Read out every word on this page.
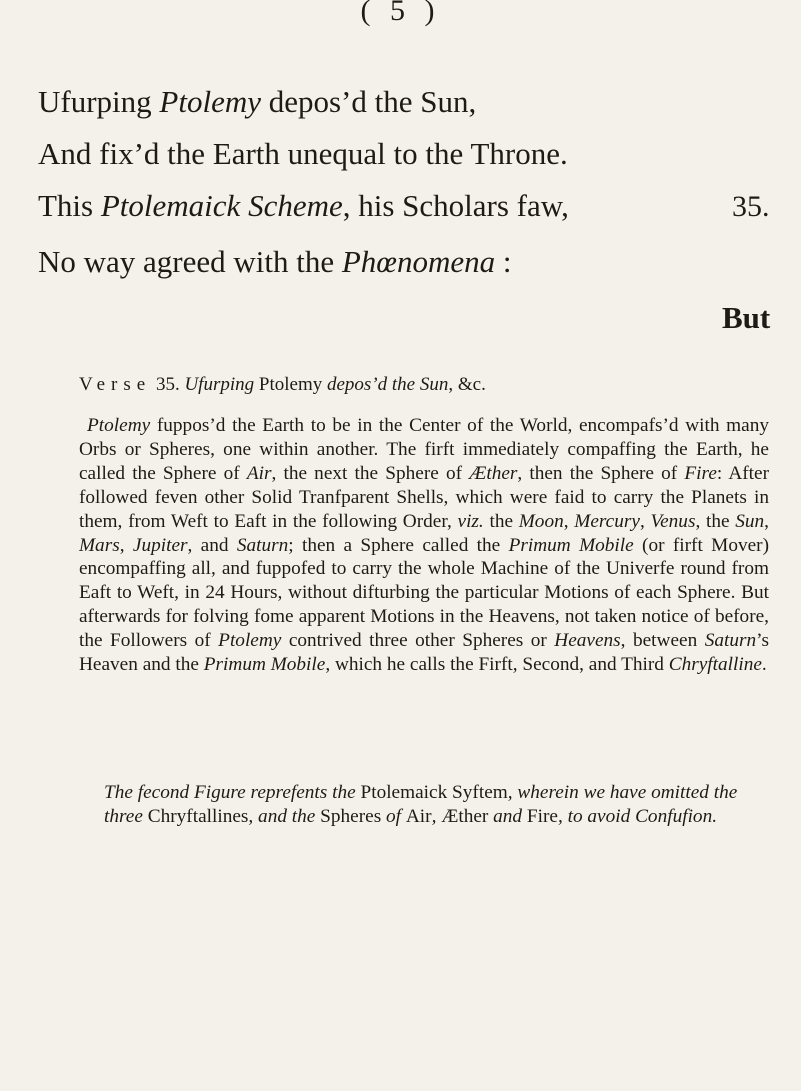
( 5 )
Ufurping Ptolemy depos’d the Sun,
And fix’d the Earth unequal to the Throne.
This Ptolemaick Scheme, his Scholars faw,	35.
No way agreed with the Phœnomena :
But
Verse 35. Ufurping Ptolemy depos’d the Sun, &c.
Ptolemy fuppos’d the Earth to be in the Center of the World, encompafs’d with many Orbs or Spheres, one within another. The firft immediately compaffing the Earth, he called the Sphere of Air, the next the Sphere of Æther, then the Sphere of Fire: After followed feven other Solid Tranfparent Shells, which were faid to carry the Planets in them, from Weft to Eaft in the following Order, viz. the Moon, Mercury, Venus, the Sun, Mars, Jupiter, and Saturn; then a Sphere called the Primum Mobile (or firft Mover) encompaffing all, and fuppofed to carry the whole Machine of the Univerfe round from Eaft to Weft, in 24 Hours, without difturbing the particular Motions of each Sphere. But afterwards for folving fome apparent Motions in the Heavens, not taken notice of before, the Followers of Ptolemy contrived three other Spheres or Heavens, between Saturn’s Heaven and the Primum Mobile, which he calls the Firft, Second, and Third Chryftalline.
The fecond Figure reprefents the Ptolemaick Syftem, wherein we have omitted the three Chryftallines, and the Spheres of Air, Æther and Fire, to avoid Confufion.
